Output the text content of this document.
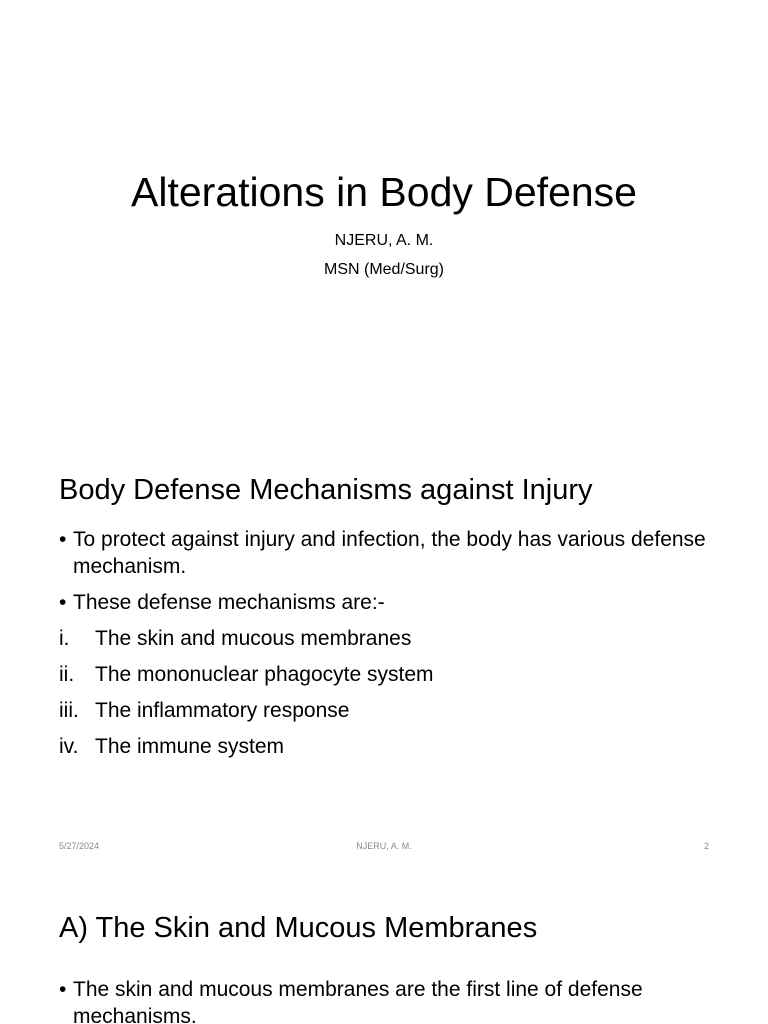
Alterations in Body Defense
NJERU, A. M.
MSN (Med/Surg)
Body Defense Mechanisms against Injury
• To protect against injury and infection, the body has various defense mechanism.
• These defense mechanisms are:-
i. The skin and mucous membranes
ii. The mononuclear phagocyte system
iii. The inflammatory response
iv. The immune system
5/27/2024	NJERU, A. M.	2
A) The Skin and Mucous Membranes
• The skin and mucous membranes are the first line of defense mechanisms.
